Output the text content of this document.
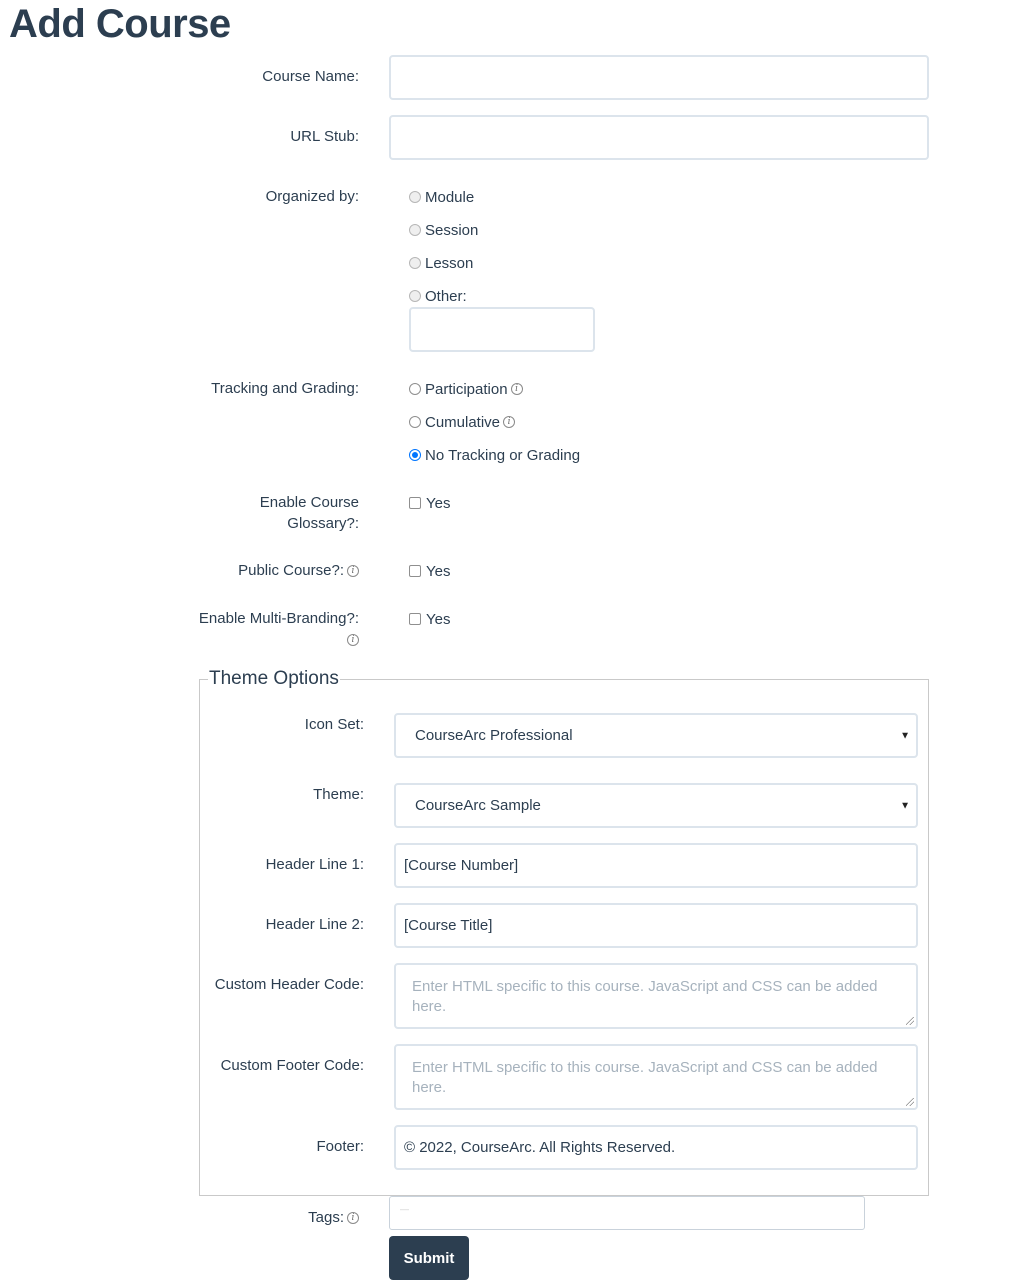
Add Course
Course Name:
URL Stub:
Organized by:	Module
Session
Lesson
Other:
Tracking and Grading:	Participation i
Cumulative i
No Tracking or Grading
Enable Course
Glossary?:
Yes
Public Course?: i	Yes
Enable Multi-Branding?:
i
Yes
Theme Options
Icon Set:
CourseArc Professional	▼
Theme:
CourseArc Sample	▼
Header Line 1:	[Course Number]
Header Line 2:	[Course Title]
Custom Header Code:	Enter HTML specific to this course. JavaScript and CSS can be added here.
Custom Footer Code:	Enter HTML specific to this course. JavaScript and CSS can be added here.
Footer:	© 2022, CourseArc. All Rights Reserved.
Tags: i
—
Submit
